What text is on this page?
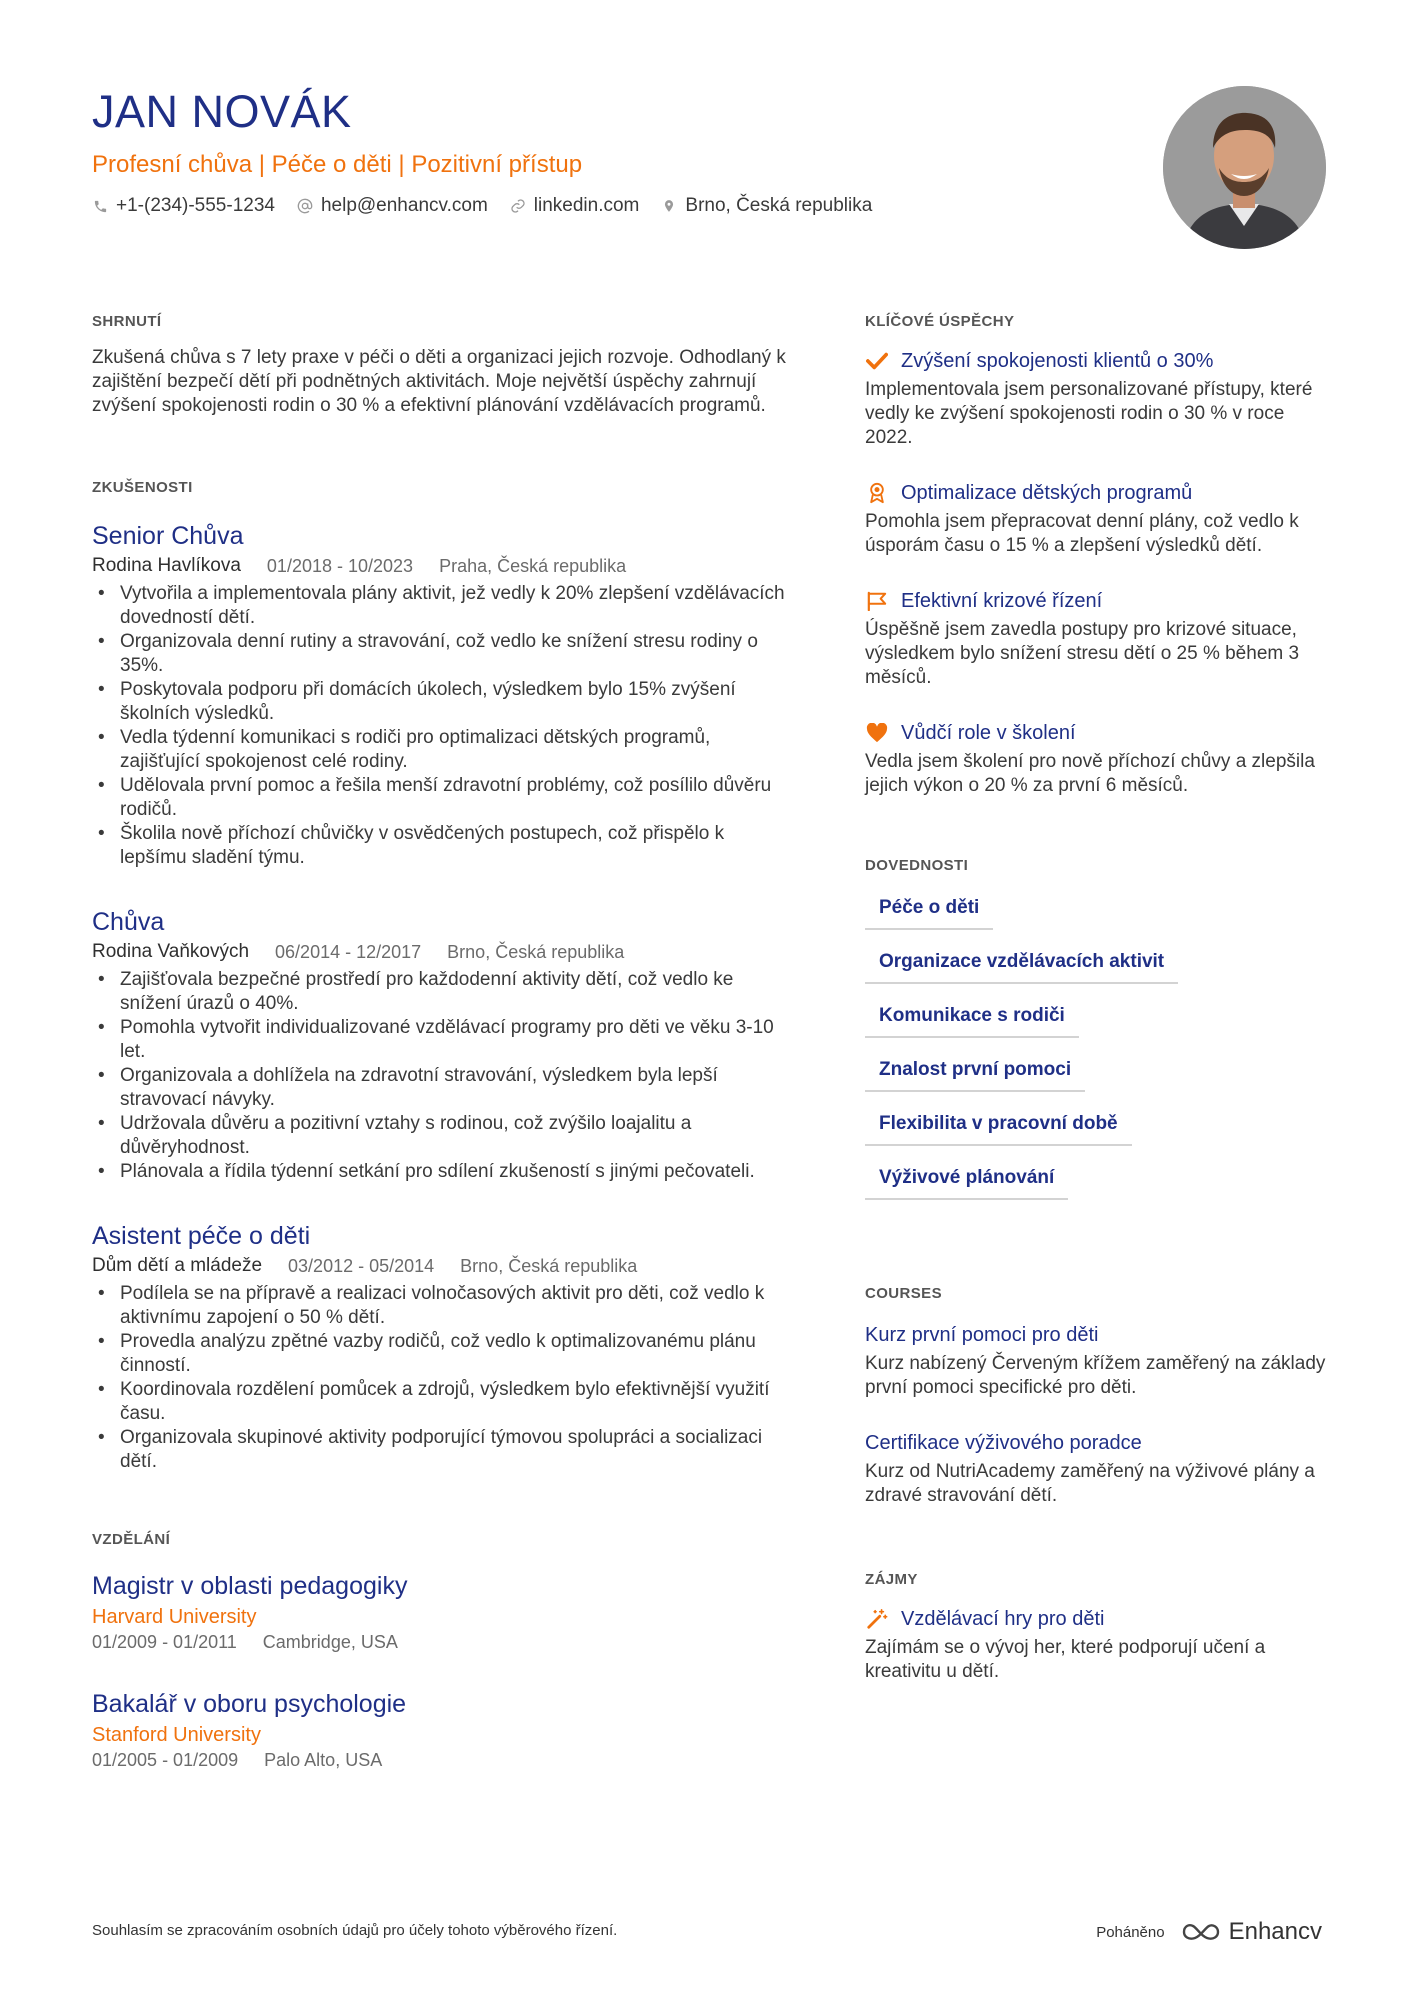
JAN NOVÁK
Profesní chůva | Péče o děti | Pozitivní přístup
+1-(234)-555-1234 help@enhancv.com linkedin.com Brno, Česká republika
SHRNUTÍ

Zkušená chůva s 7 lety praxe v péči o děti a organizaci jejich rozvoje. Odhodlaný k zajištění bezpečí dětí při podnětných aktivitách. Moje největší úspěchy zahrnují zvýšení spokojenosti rodin o 30 % a efektivní plánování vzdělávacích programů.

ZKUŠENOSTI
Senior Chůva
Rodina Havlíkova 01/2018 - 10/2023 Praha, Česká republika
• Vytvořila a implementovala plány aktivit, jež vedly k 20% zlepšení vzdělávacích dovedností dětí.
• Organizovala denní rutiny a stravování, což vedlo ke snížení stresu rodiny o 35%.
• Poskytovala podporu při domácích úkolech, výsledkem bylo 15% zvýšení školních výsledků.
• Vedla týdenní komunikaci s rodiči pro optimalizaci dětských programů, zajišťující spokojenost celé rodiny.
• Udělovala první pomoc a řešila menší zdravotní problémy, což posílilo důvěru rodičů.
• Školila nově příchozí chůvičky v osvědčených postupech, což přispělo k lepšímu sladění týmu.
Chůva
Rodina Vaňkových 06/2014 - 12/2017 Brno, Česká republika
• Zajišťovala bezpečné prostředí pro každodenní aktivity dětí, což vedlo ke snížení úrazů o 40%.
• Pomohla vytvořit individualizované vzdělávací programy pro děti ve věku 3-10 let.
• Organizovala a dohlížela na zdravotní stravování, výsledkem byla lepší stravovací návyky.
• Udržovala důvěru a pozitivní vztahy s rodinou, což zvýšilo loajalitu a důvěryhodnost.
• Plánovala a řídila týdenní setkání pro sdílení zkušeností s jinými pečovateli.
Asistent péče o děti
Dům dětí a mládeže 03/2012 - 05/2014 Brno, Česká republika
• Podílela se na přípravě a realizaci volnočasových aktivit pro děti, což vedlo k aktivnímu zapojení o 50 % dětí.
• Provedla analýzu zpětné vazby rodičů, což vedlo k optimalizovanému plánu činností.
• Koordinovala rozdělení pomůcek a zdrojů, výsledkem bylo efektivnější využití času.
• Organizovala skupinové aktivity podporující týmovou spolupráci a socializaci dětí.
VZDĚLÁNÍ
Magistr v oblasti pedagogiky
Harvard University
01/2009 - 01/2011 Cambridge, USA
Bakalář v oboru psychologie
Stanford University
01/2005 - 01/2009 Palo Alto, USA
KLÍČOVÉ ÚSPĚCHY
Zvýšení spokojenosti klientů o 30%
Implementovala jsem personalizované přístupy, které vedly ke zvýšení spokojenosti rodin o 30 % v roce 2022.
Optimalizace dětských programů
Pomohla jsem přepracovat denní plány, což vedlo k úsporám času o 15 % a zlepšení výsledků dětí.
Efektivní krizové řízení
Úspěšně jsem zavedla postupy pro krizové situace, výsledkem bylo snížení stresu dětí o 25 % během 3 měsíců.
Vůdčí role v školení
Vedla jsem školení pro nově příchozí chůvy a zlepšila jejich výkon o 20 % za první 6 měsíců.
DOVEDNOSTI
Péče o děti
Organizace vzdělávacích aktivit
Komunikace s rodiči
Znalost první pomoci
Flexibilita v pracovní době
Výživové plánování
COURSES
Kurz první pomoci pro děti
Kurz nabízený Červeným křížem zaměřený na základy první pomoci specifické pro děti.
Certifikace výživového poradce
Kurz od NutriAcademy zaměřený na výživové plány a zdravé stravování dětí.
ZÁJMY
Vzdělávací hry pro děti
Zajímám se o vývoj her, které podporují učení a kreativitu u dětí.
Souhlasím se zpracováním osobních údajů pro účely tohoto výběrového řízení.	Poháněno	Enhancv
